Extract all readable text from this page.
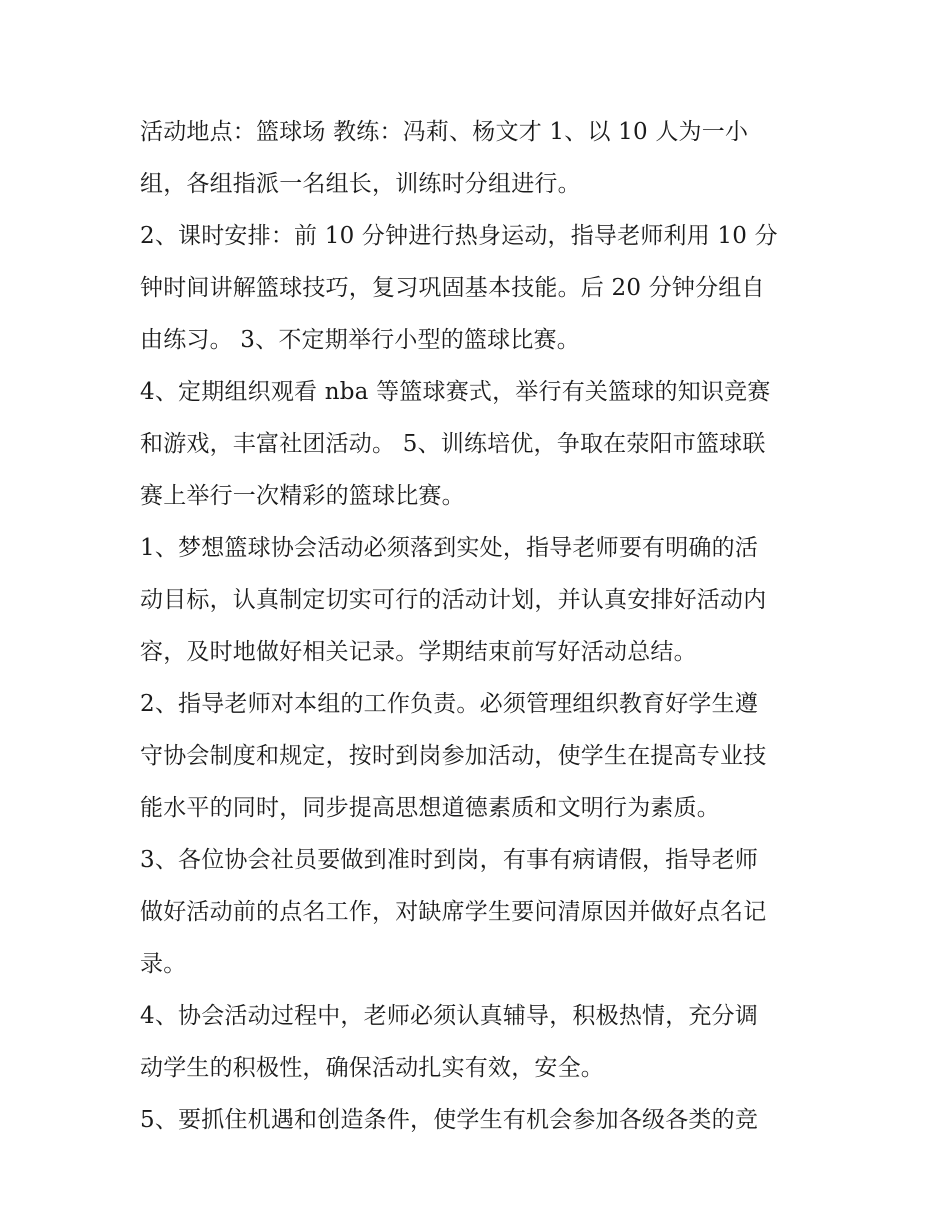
活动地点：篮球场 教练：冯莉、杨文才 1、以 10 人为一小
组，各组指派一名组长，训练时分组进行。
2、课时安排：前 10 分钟进行热身运动，指导老师利用 10 分
钟时间讲解篮球技巧，复习巩固基本技能。后 20 分钟分组自
由练习。 3、不定期举行小型的篮球比赛。
4、定期组织观看 nba 等篮球赛式，举行有关篮球的知识竞赛
和游戏，丰富社团活动。 5、训练培优，争取在荥阳市篮球联
赛上举行一次精彩的篮球比赛。
1、梦想篮球协会活动必须落到实处，指导老师要有明确的活
动目标，认真制定切实可行的活动计划，并认真安排好活动内
容，及时地做好相关记录。学期结束前写好活动总结。
2、指导老师对本组的工作负责。必须管理组织教育好学生遵
守协会制度和规定，按时到岗参加活动，使学生在提高专业技
能水平的同时，同步提高思想道德素质和文明行为素质。
3、各位协会社员要做到准时到岗，有事有病请假，指导老师
做好活动前的点名工作，对缺席学生要问清原因并做好点名记
录。
4、协会活动过程中，老师必须认真辅导，积极热情，充分调
动学生的积极性，确保活动扎实有效，安全。
5、要抓住机遇和创造条件，使学生有机会参加各级各类的竞
